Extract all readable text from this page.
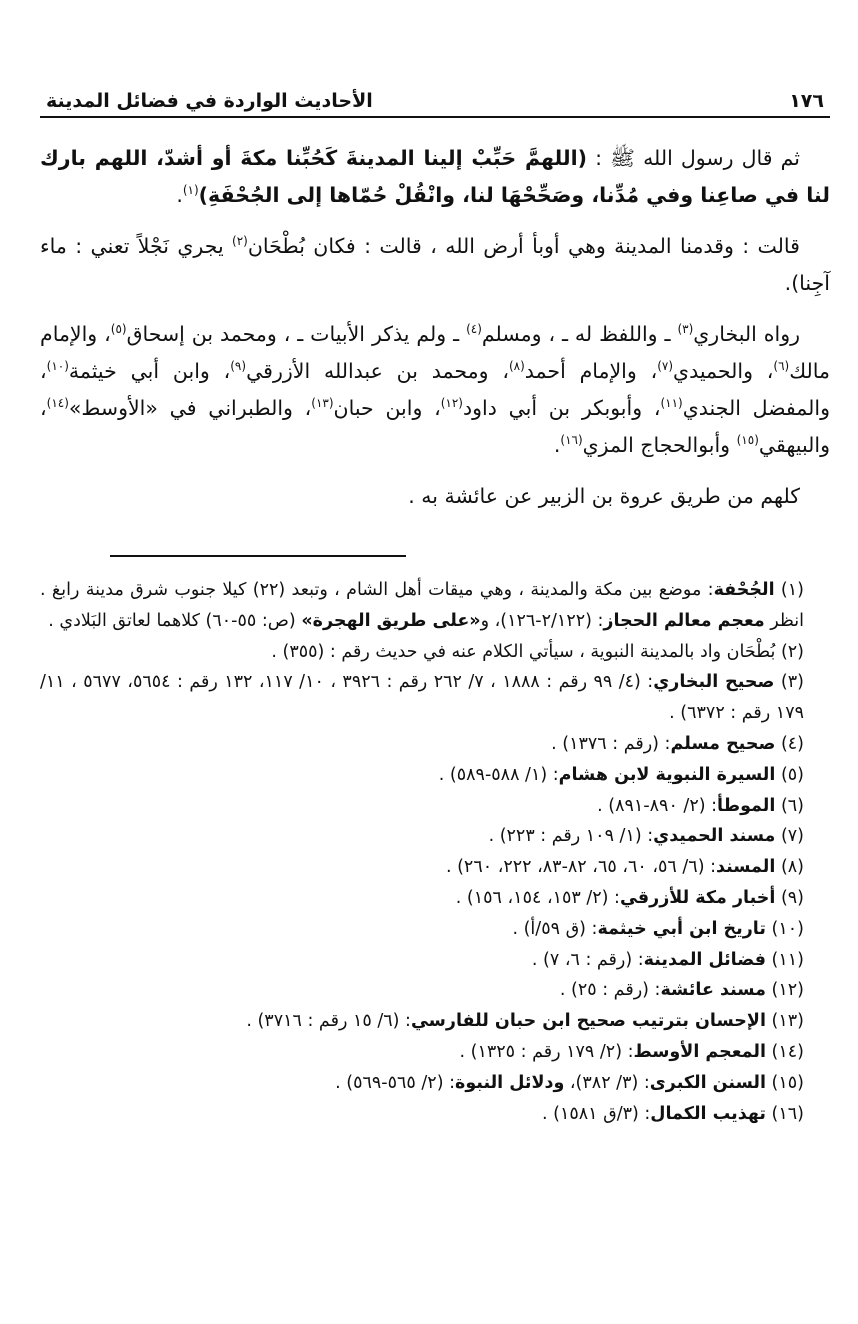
١٧٦
الأحاديث الواردة في فضائل المدينة

ثم قال رسول الله ﷺ : (اللهمَّ حَبِّبْ إلينا المدينةَ كَحُبِّنا مكةَ أو أشدّ، اللهم بارك لنا في صاعِنا وفي مُدِّنا، وصَحِّحْهَا لنا، وانْقُلْ حُمّاها إلى الجُحْفَةِ)$^{(١)}$.

قالت : وقدمنا المدينة وهي أوبأ أرض الله ، قالت : فكان بُطْحَان$^{(٢)}$ يجري نَجْلاً تعني : ماء آجِنا).

رواه البخاري$^{(٣)}$ ـ واللفظ له ـ ، ومسلم$^{(٤)}$ ـ ولم يذكر الأبيات ـ ، ومحمد بن إسحاق$^{(٥)}$، والإمام مالك$^{(٦)}$، والحميدي$^{(٧)}$، والإمام أحمد$^{(٨)}$، ومحمد بن عبدالله الأزرقي$^{(٩)}$، وابن أبي خيثمة$^{(١٠)}$، والمفضل الجندي$^{(١١)}$، وأبوبكر بن أبي داود$^{(١٢)}$، وابن حبان$^{(١٣)}$، والطبراني في «الأوسط»$^{(١٤)}$، والبيهقي$^{(١٥)}$ وأبوالحجاج المزي$^{(١٦)}$.

كلهم من طريق عروة بن الزبير عن عائشة به .

(١) الجُحْفة: موضع بين مكة والمدينة ، وهي ميقات أهل الشام ، وتبعد (٢٢) كيلا جنوب شرق مدينة رابغ . انظر معجم معالم الحجاز: (٢/١٢٢-١٢٦)، و«على طريق الهجرة» (ص: ٥٥-٦٠) كلاهما لعاتق البَلادي .

(٢) بُطْحَان واد بالمدينة النبوية ، سيأتي الكلام عنه في حديث رقم : (٣٥٥) .

(٣) صحيح البخاري: (٤/ ٩٩ رقم : ١٨٨٨ ، ٧/ ٢٦٢ رقم : ٣٩٢٦ ، ١٠/ ١١٧، ١٣٢ رقم : ٥٦٥٤، ٥٦٧٧ ، ١١/ ١٧٩ رقم : ٦٣٧٢) .

(٤) صحيح مسلم: (رقم : ١٣٧٦) .

(٥) السيرة النبوية لابن هشام: (١/ ٥٨٨-٥٨٩) .

(٦) الموطأ: (٢/ ٨٩٠-٨٩١) .

(٧) مسند الحميدي: (١/ ١٠٩ رقم : ٢٢٣) .

(٨) المسند: (٦/ ٥٦، ٦٠، ٦٥، ٨٢-٨٣، ٢٢٢، ٢٦٠) .

(٩) أخبار مكة للأزرقي: (٢/ ١٥٣، ١٥٤، ١٥٦) .

(١٠) تاريخ ابن أبي خيثمة: (ق ٥٩/أ) .

(١١) فضائل المدينة: (رقم : ٦، ٧) .

(١٢) مسند عائشة: (رقم : ٢٥) .

(١٣) الإحسان بترتيب صحيح ابن حبان للفارسي: (٦/ ١٥ رقم : ٣٧١٦) .

(١٤) المعجم الأوسط: (٢/ ١٧٩ رقم : ١٣٢٥) .

(١٥) السنن الكبرى: (٣/ ٣٨٢)، ودلائل النبوة: (٢/ ٥٦٥-٥٦٩) .

(١٦) تهذيب الكمال: (٣/ق ١٥٨١) .
